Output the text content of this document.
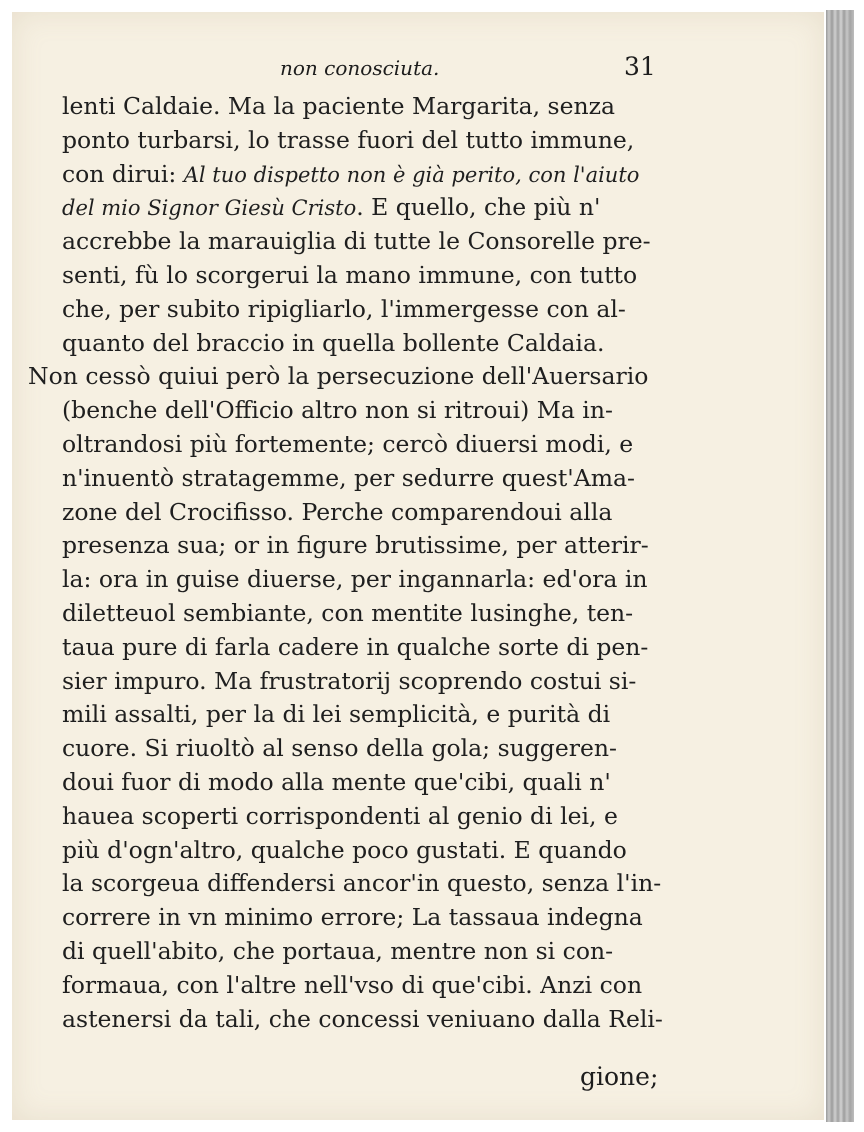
non conosciuta.	31
lenti Caldaie. Ma la paciente Margarita, senza
ponto turbarsi, lo trasse fuori del tutto immune,
con dirui: Al tuo dispetto non è già perito, con l'aiuto
del mio Signor Giesù Cristo. E quello, che più n'
accrebbe la marauiglia di tutte le Consorelle pre-
senti, fù lo scorgerui la mano immune, con tutto
che, per subito ripigliarlo, l'immergesse con al-
quanto del braccio in quella bollente Caldaia.
Non cessò quiui però la persecuzione dell'Auersario
(benche dell'Officio altro non si ritroui) Ma in-
oltrandosi più fortemente; cercò diuersi modi, e
n'inuentò stratagemme, per sedurre quest'Ama-
zone del Crocifisso. Perche comparendoui alla
presenza sua; or in figure brutissime, per atterir-
la: ora in guise diuerse, per ingannarla: ed'ora in
diletteuol sembiante, con mentite lusinghe, ten-
taua pure di farla cadere in qualche sorte di pen-
sier impuro. Ma frustratorij scoprendo costui si-
mili assalti, per la di lei semplicità, e purità di
cuore. Si riuoltò al senso della gola; suggeren-
doui fuor di modo alla mente que'cibi, quali n'
hauea scoperti corrispondenti al genio di lei, e
più d'ogn'altro, qualche poco gustati. E quando
la scorgeua diffendersi ancor'in questo, senza l'in-
correre in vn minimo errore; La tassaua indegna
di quell'abito, che portaua, mentre non si con-
formaua, con l'altre nell'vso di que'cibi. Anzi con
astenersi da tali, che concessi veniuano dalla Reli-
gione;
